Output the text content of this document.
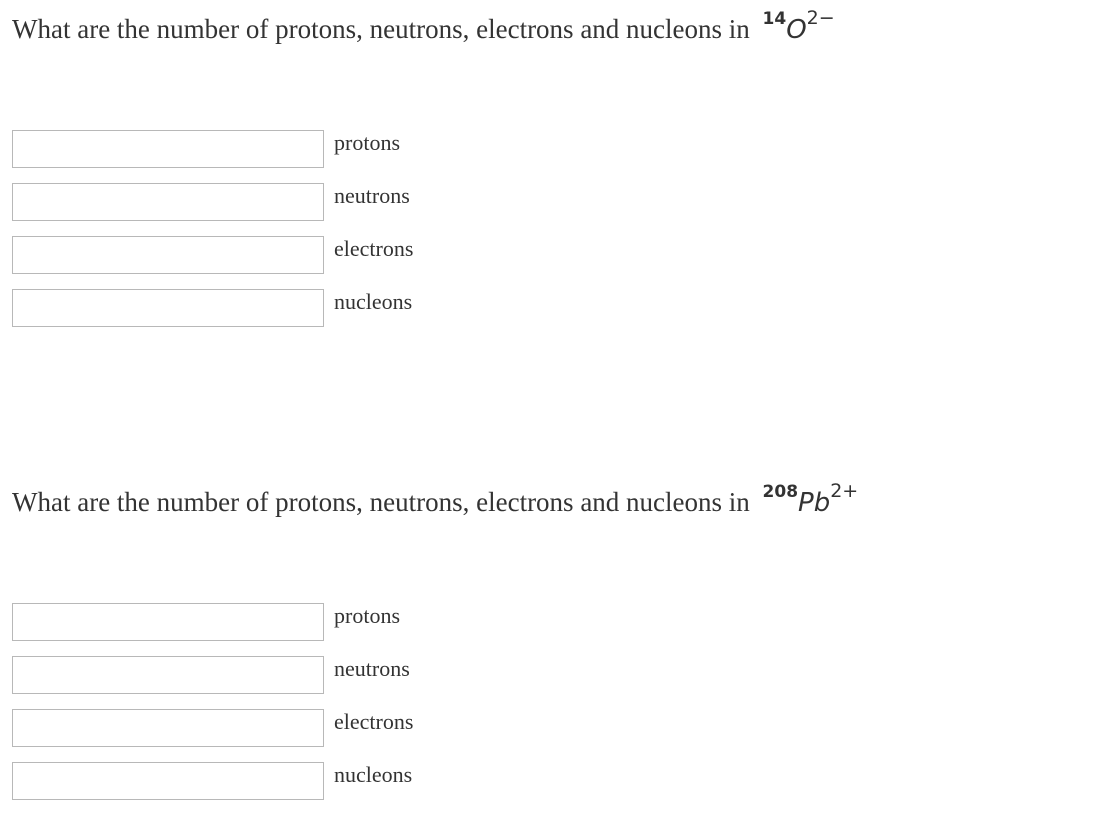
What are the number of protons, neutrons, electrons and nucleons in $^{14}O^{2-}$
protons
neutrons
electrons
nucleons
What are the number of protons, neutrons, electrons and nucleons in $^{208}Pb^{2+}$
protons
neutrons
electrons
nucleons
